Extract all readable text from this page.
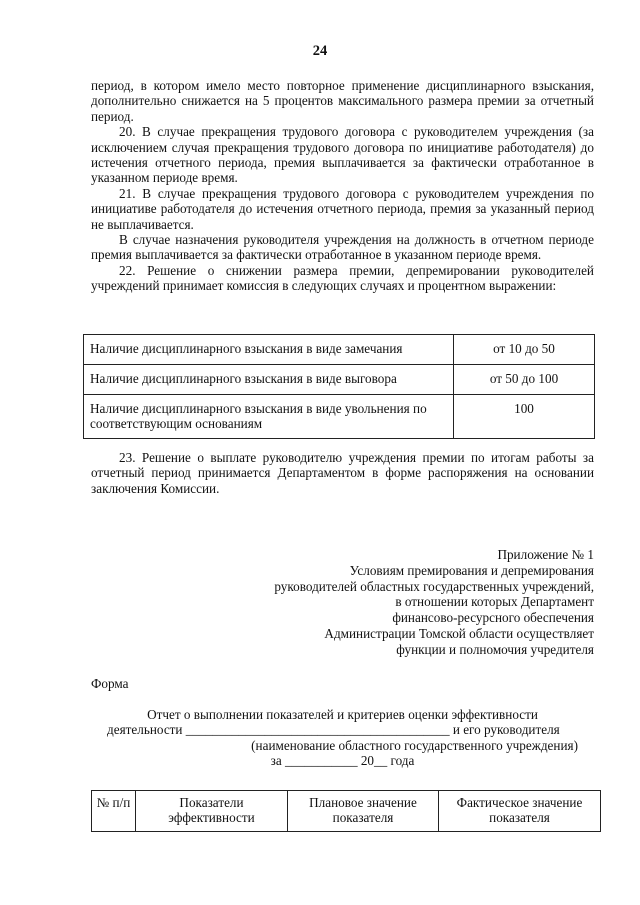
24

период, в котором имело место повторное применение дисциплинарного взыскания, дополнительно снижается на 5 процентов максимального размера премии за отчетный период.

20. В случае прекращения трудового договора с руководителем учреждения (за исключением случая прекращения трудового договора по инициативе работодателя) до истечения отчетного периода, премия выплачивается за фактически отработанное в указанном периоде время.

21. В случае прекращения трудового договора с руководителем учреждения по инициативе работодателя до истечения отчетного периода, премия за указанный период не выплачивается.

В случае назначения руководителя учреждения на должность в отчетном периоде премия выплачивается за фактически отработанное в указанном периоде время.

22. Решение о снижении размера премии, депремировании руководителей учреждений принимает комиссия в следующих случаях и процентном выражении:

Наличие дисциплинарного взыскания в виде замечания	от 10 до 50
Наличие дисциплинарного взыскания в виде выговора	от 50 до 100
Наличие дисциплинарного взыскания в виде увольнения по соответствующим основаниям	100

23. Решение о выплате руководителю учреждения премии по итогам работы за отчетный период принимается Департаментом в форме распоряжения на основании заключения Комиссии.

Приложение № 1
Условиям премирования и депремирования
руководителей областных государственных учреждений,
в отношении которых Департамент
финансово-ресурсного обеспечения
Администрации Томской области осуществляет
функции и полномочия учредителя
Форма
Отчет о выполнении показателей и критериев оценки эффективности
деятельности ________________________________________ и его руководителя
(наименование областного государственного учреждения)
за ___________ 20__ года
№ п/п	Показатели эффективности	Плановое значение показателя	Фактическое значение показателя
